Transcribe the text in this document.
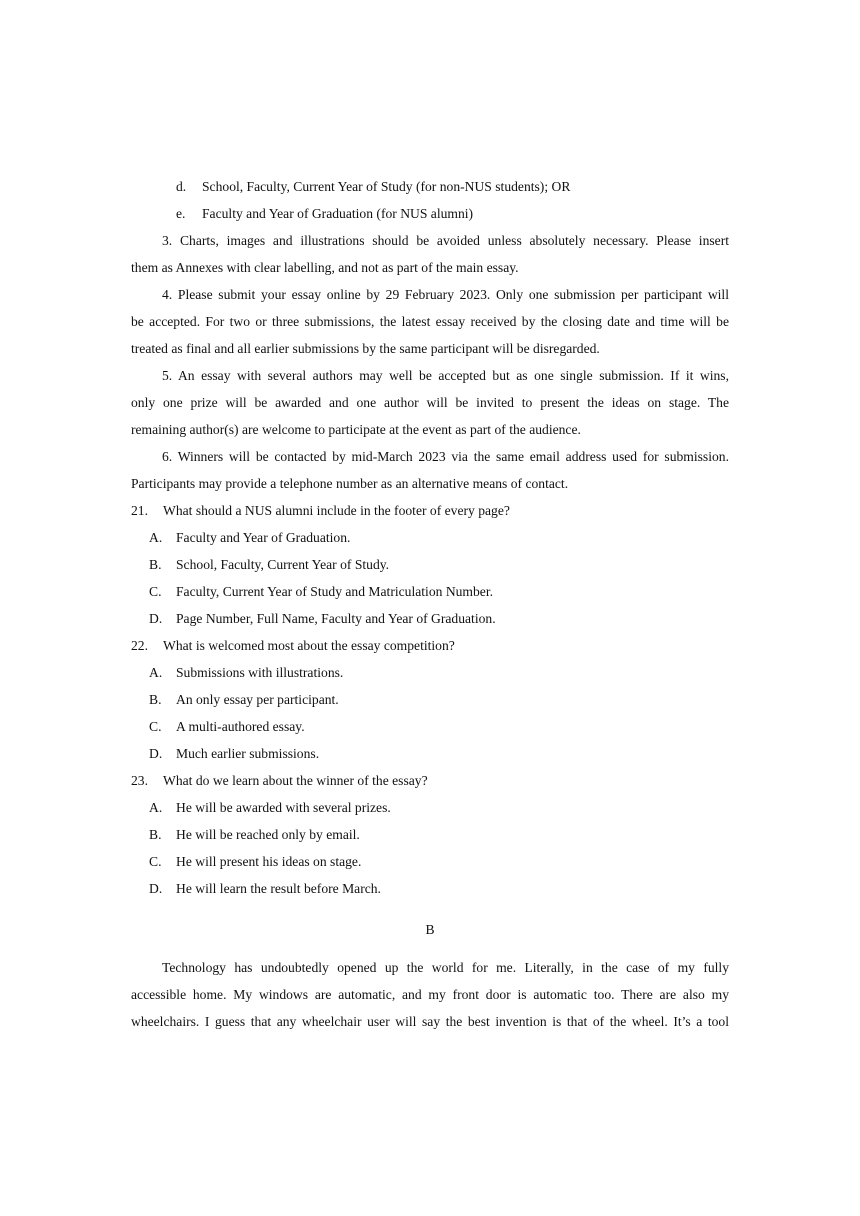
d. School, Faculty, Current Year of Study (for non-NUS students); OR
e. Faculty and Year of Graduation (for NUS alumni)
3. Charts, images and illustrations should be avoided unless absolutely necessary. Please insert
them as Annexes with clear labelling, and not as part of the main essay.
4. Please submit your essay online by 29 February 2023. Only one submission per participant will
be accepted. For two or three submissions, the latest essay received by the closing date and time will be
treated as final and all earlier submissions by the same participant will be disregarded.
5. An essay with several authors may well be accepted but as one single submission. If it wins,
only one prize will be awarded and one author will be invited to present the ideas on stage. The
remaining author(s) are welcome to participate at the event as part of the audience.
6. Winners will be contacted by mid-March 2023 via the same email address used for submission.
Participants may provide a telephone number as an alternative means of contact.
21. What should a NUS alumni include in the footer of every page?
A. Faculty and Year of Graduation.
B. School, Faculty, Current Year of Study.
C. Faculty, Current Year of Study and Matriculation Number.
D. Page Number, Full Name, Faculty and Year of Graduation.
22. What is welcomed most about the essay competition?
A. Submissions with illustrations.
B. An only essay per participant.
C. A multi-authored essay.
D. Much earlier submissions.
23. What do we learn about the winner of the essay?
A. He will be awarded with several prizes.
B. He will be reached only by email.
C. He will present his ideas on stage.
D. He will learn the result before March.
B
Technology has undoubtedly opened up the world for me. Literally, in the case of my fully
accessible home. My windows are automatic, and my front door is automatic too. There are also my
wheelchairs. I guess that any wheelchair user will say the best invention is that of the wheel. It’s a tool
